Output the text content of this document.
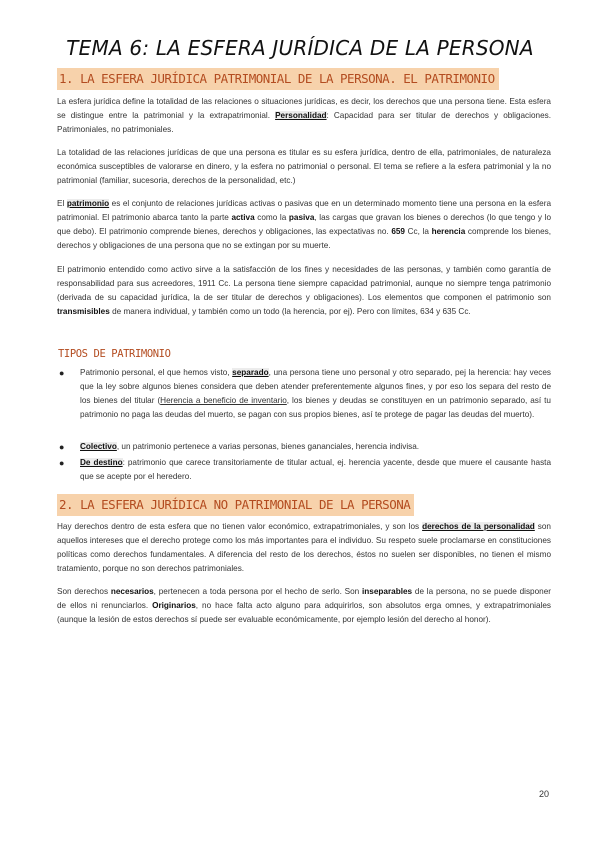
TEMA 6: LA ESFERA JURÍDICA DE LA PERSONA
1. LA ESFERA JURÍDICA PATRIMONIAL DE LA PERSONA. EL PATRIMONIO
La esfera jurídica define la totalidad de las relaciones o situaciones jurídicas, es decir, los derechos que una persona tiene. Esta esfera se distingue entre la patrimonial y la extrapatrimonial. Personalidad: Capacidad para ser titular de derechos y obligaciones. Patrimoniales, no patrimoniales.
La totalidad de las relaciones jurídicas de que una persona es titular es su esfera jurídica, dentro de ella, patrimoniales, de naturaleza económica susceptibles de valorarse en dinero, y la esfera no patrimonial o personal. El tema se refiere a la esfera patrimonial y la no patrimonial (familiar, sucesoria, derechos de la personalidad, etc.)
El patrimonio es el conjunto de relaciones jurídicas activas o pasivas que en un determinado momento tiene una persona en la esfera patrimonial. El patrimonio abarca tanto la parte activa como la pasiva, las cargas que gravan los bienes o derechos (lo que tengo y lo que debo). El patrimonio comprende bienes, derechos y obligaciones, las expectativas no. 659 Cc, la herencia comprende los bienes, derechos y obligaciones de una persona que no se extingan por su muerte.
El patrimonio entendido como activo sirve a la satisfacción de los fines y necesidades de las personas, y también como garantía de responsabilidad para sus acreedores, 1911 Cc. La persona tiene siempre capacidad patrimonial, aunque no siempre tenga patrimonio (derivada de su capacidad jurídica, la de ser titular de derechos y obligaciones). Los elementos que componen el patrimonio son transmisibles de manera individual, y también como un todo (la herencia, por ej). Pero con límites, 634 y 635 Cc.
TIPOS DE PATRIMONIO
● Patrimonio personal, el que hemos visto, separado, una persona tiene uno personal y otro separado, pej la herencia: hay veces que la ley sobre algunos bienes considera que deben atender preferentemente algunos fines, y por eso los separa del resto de los bienes del titular (Herencia a beneficio de inventario, los bienes y deudas se constituyen en un patrimonio separado, así tu patrimonio no paga las deudas del muerto, se pagan con sus propios bienes, así te protege de pagar las deudas del muerto).
● Colectivo, un patrimonio pertenece a varias personas, bienes gananciales, herencia indivisa.
● De destino: patrimonio que carece transitoriamente de titular actual, ej. herencia yacente, desde que muere el causante hasta que se acepte por el heredero.
2. LA ESFERA JURÍDICA NO PATRIMONIAL DE LA PERSONA
Hay derechos dentro de esta esfera que no tienen valor económico, extrapatrimoniales, y son los derechos de la personalidad son aquellos intereses que el derecho protege como los más importantes para el individuo. Su respeto suele proclamarse en constituciones políticas como derechos fundamentales. A diferencia del resto de los derechos, éstos no suelen ser disponibles, no tienen el mismo tratamiento, porque no son derechos patrimoniales.
Son derechos necesarios, pertenecen a toda persona por el hecho de serlo. Son inseparables de la persona, no se puede disponer de ellos ni renunciarlos. Originarios, no hace falta acto alguno para adquirirlos, son absolutos erga omnes, y extrapatrimoniales (aunque la lesión de estos derechos sí puede ser evaluable económicamente, por ejemplo lesión del derecho al honor).
20
